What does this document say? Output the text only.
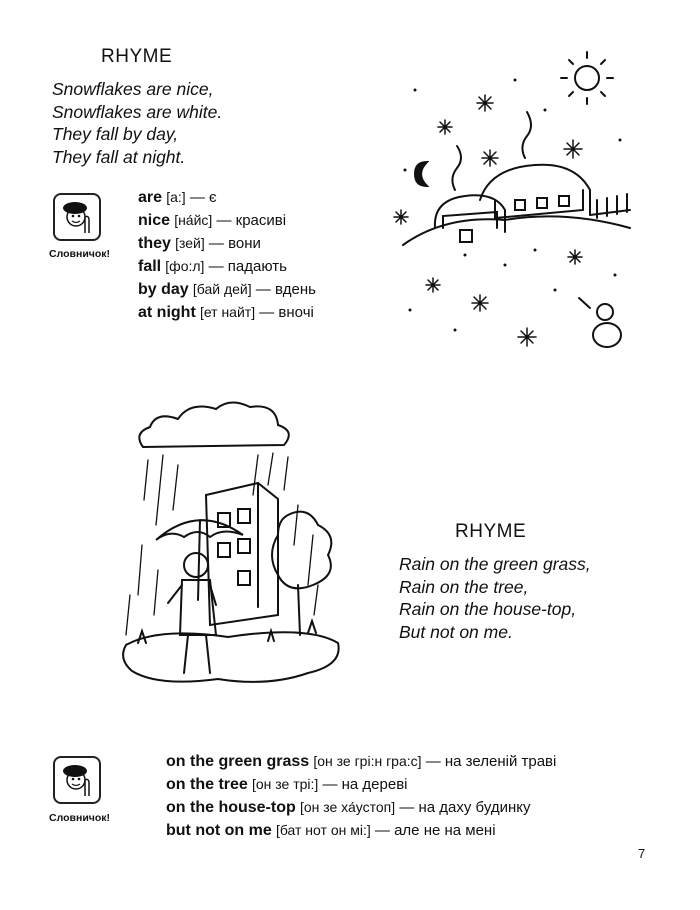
RHYME
Snowflakes are nice,
Snowflakes are white.
They fall by day,
They fall at night.
Словничок!
are [a:] — є
nice [на́йс] — красиві
they [зей] — вони
fall [фо:л] — падають
by day [бай дей] — вдень
at night [ет найт] — вночі
RHYME
Rain on the green grass,
Rain on the tree,
Rain on the house-top,
But not on me.
Словничок!
on the green grass [он зе грі:н гра:с] — на зеленій траві
on the tree [он зе трі:] — на дереві
on the house-top [он зе ха́устоп] — на даху будинку
but not on me [бат нот он мі:] — але не на мені
7
